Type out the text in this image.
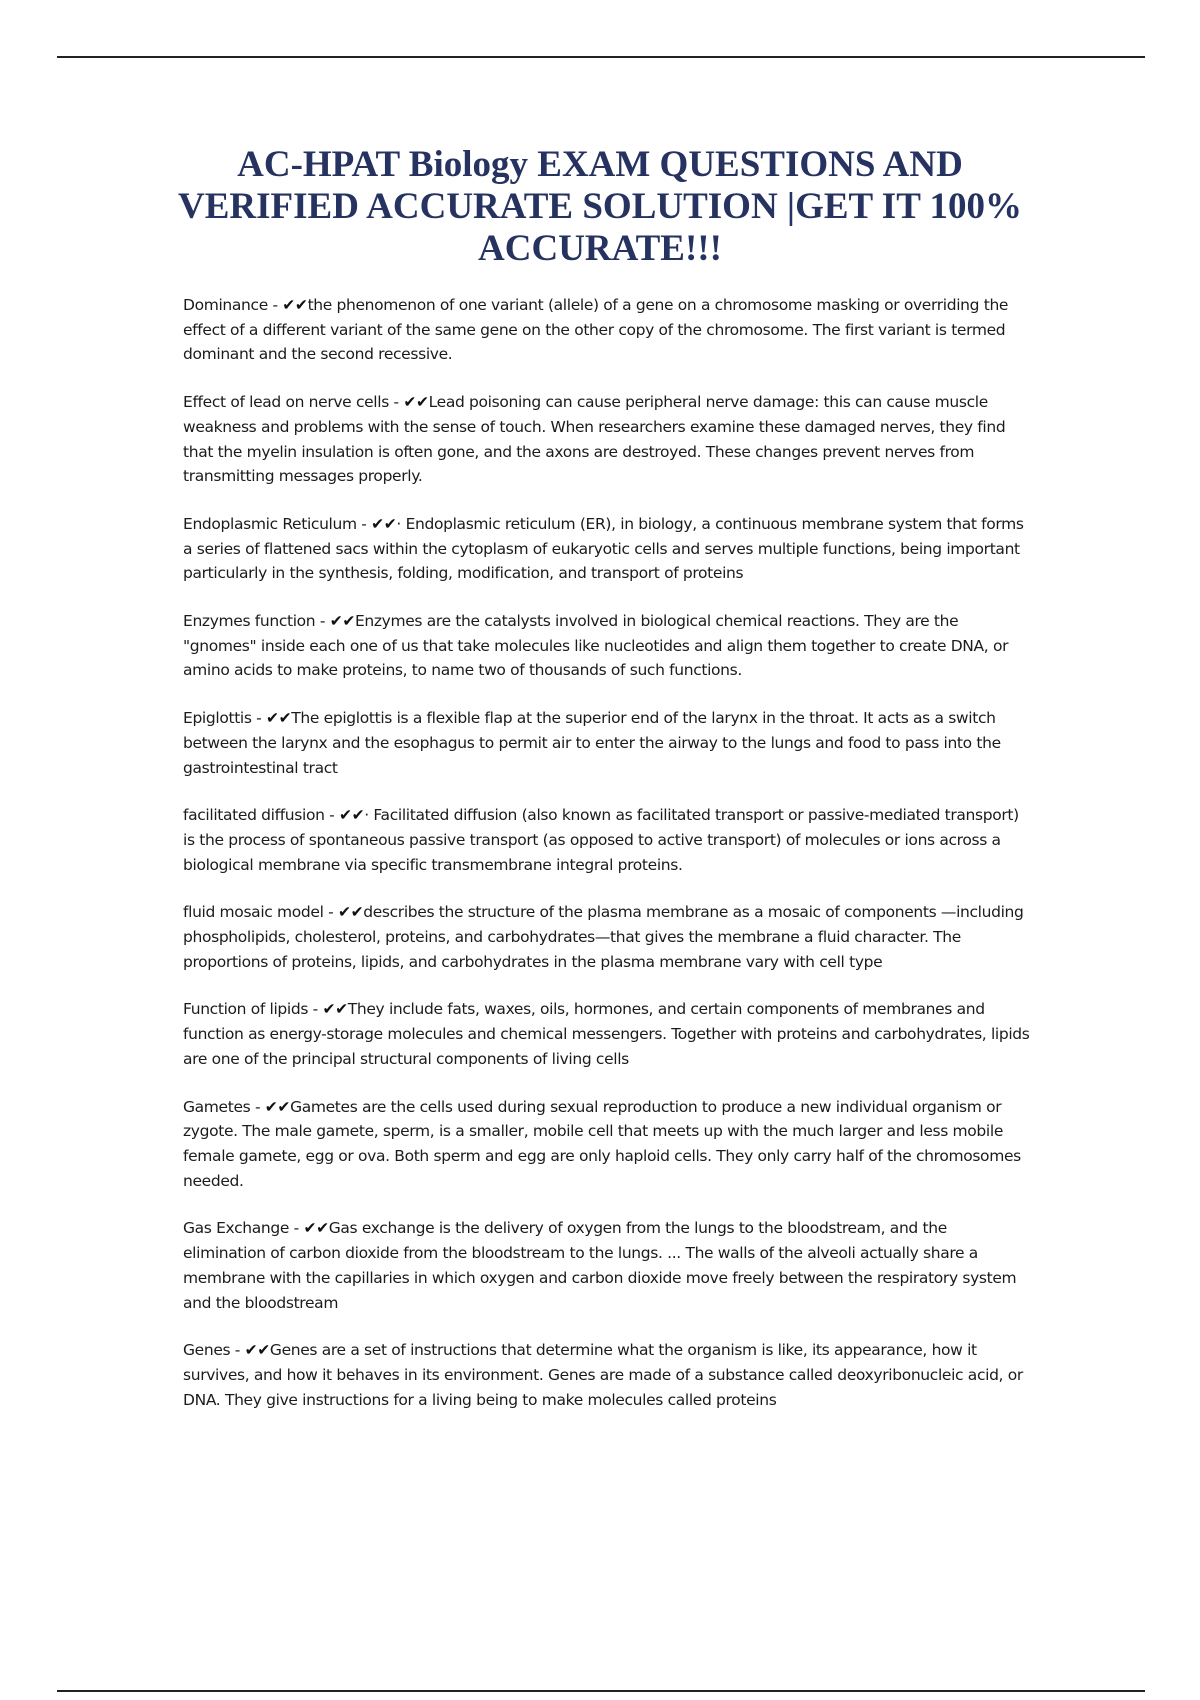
AC-HPAT Biology EXAM QUESTIONS AND VERIFIED ACCURATE SOLUTION |GET IT 100% ACCURATE!!!

Dominance - ✔✔the phenomenon of one variant (allele) of a gene on a chromosome masking or overriding the effect of a different variant of the same gene on the other copy of the chromosome. The first variant is termed dominant and the second recessive.

Effect of lead on nerve cells - ✔✔Lead poisoning can cause peripheral nerve damage: this can cause muscle weakness and problems with the sense of touch. When researchers examine these damaged nerves, they find that the myelin insulation is often gone, and the axons are destroyed. These changes prevent nerves from transmitting messages properly.

Endoplasmic Reticulum - ✔✔· Endoplasmic reticulum (ER), in biology, a continuous membrane system that forms a series of flattened sacs within the cytoplasm of eukaryotic cells and serves multiple functions, being important particularly in the synthesis, folding, modification, and transport of proteins

Enzymes function - ✔✔Enzymes are the catalysts involved in biological chemical reactions. They are the "gnomes" inside each one of us that take molecules like nucleotides and align them together to create DNA, or amino acids to make proteins, to name two of thousands of such functions.

Epiglottis - ✔✔The epiglottis is a flexible flap at the superior end of the larynx in the throat. It acts as a switch between the larynx and the esophagus to permit air to enter the airway to the lungs and food to pass into the gastrointestinal tract

facilitated diffusion - ✔✔· Facilitated diffusion (also known as facilitated transport or passive-mediated transport) is the process of spontaneous passive transport (as opposed to active transport) of molecules or ions across a biological membrane via specific transmembrane integral proteins.

fluid mosaic model - ✔✔describes the structure of the plasma membrane as a mosaic of components —including phospholipids, cholesterol, proteins, and carbohydrates—that gives the membrane a fluid character. The proportions of proteins, lipids, and carbohydrates in the plasma membrane vary with cell type

Function of lipids - ✔✔They include fats, waxes, oils, hormones, and certain components of membranes and function as energy-storage molecules and chemical messengers. Together with proteins and carbohydrates, lipids are one of the principal structural components of living cells

Gametes - ✔✔Gametes are the cells used during sexual reproduction to produce a new individual organism or zygote. The male gamete, sperm, is a smaller, mobile cell that meets up with the much larger and less mobile female gamete, egg or ova. Both sperm and egg are only haploid cells. They only carry half of the chromosomes needed.

Gas Exchange - ✔✔Gas exchange is the delivery of oxygen from the lungs to the bloodstream, and the elimination of carbon dioxide from the bloodstream to the lungs. ... The walls of the alveoli actually share a membrane with the capillaries in which oxygen and carbon dioxide move freely between the respiratory system and the bloodstream

Genes - ✔✔Genes are a set of instructions that determine what the organism is like, its appearance, how it survives, and how it behaves in its environment. Genes are made of a substance called deoxyribonucleic acid, or DNA. They give instructions for a living being to make molecules called proteins
